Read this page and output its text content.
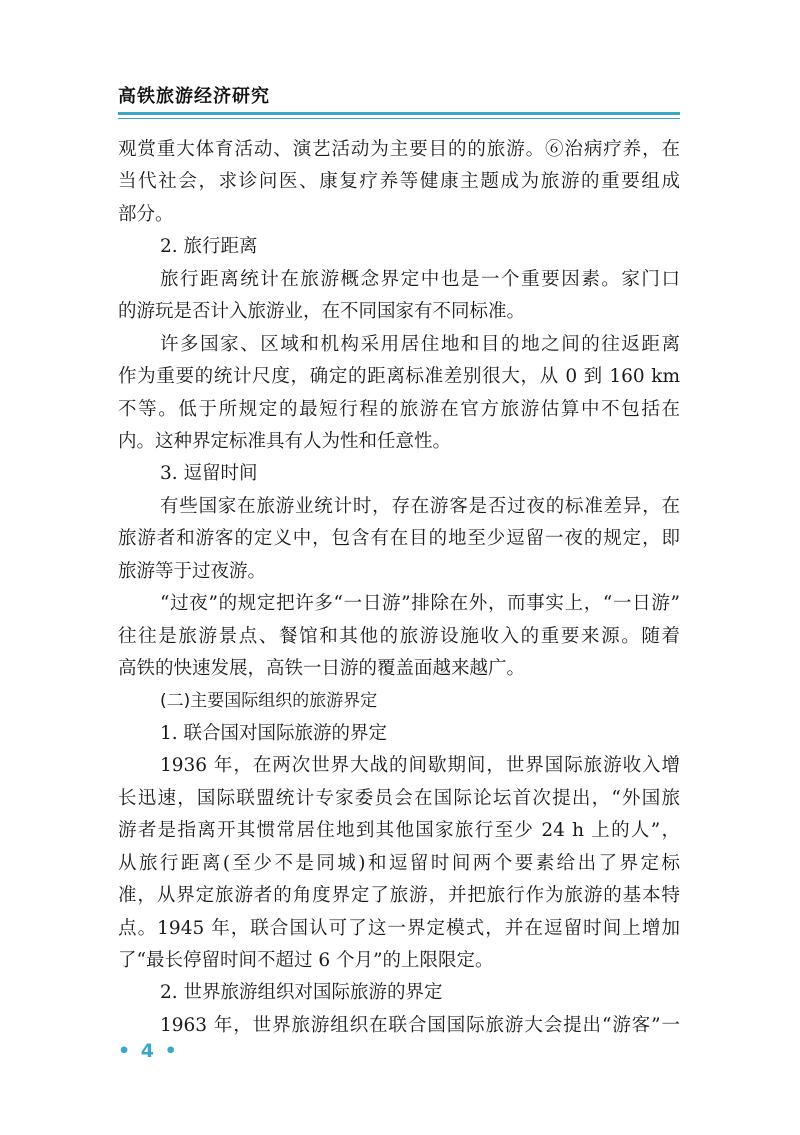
高铁旅游经济研究
观赏重大体育活动、演艺活动为主要目的的旅游。⑥治病疗养，在
当代社会，求诊问医、康复疗养等健康主题成为旅游的重要组成
部分。
2. 旅行距离
旅行距离统计在旅游概念界定中也是一个重要因素。家门口
的游玩是否计入旅游业，在不同国家有不同标准。
许多国家、区域和机构采用居住地和目的地之间的往返距离
作为重要的统计尺度，确定的距离标准差别很大，从 0 到 160 km
不等。低于所规定的最短行程的旅游在官方旅游估算中不包括在
内。这种界定标准具有人为性和任意性。
3. 逗留时间
有些国家在旅游业统计时，存在游客是否过夜的标准差异，在
旅游者和游客的定义中，包含有在目的地至少逗留一夜的规定，即
旅游等于过夜游。
“过夜”的规定把许多“一日游”排除在外，而事实上，“一日游”
往往是旅游景点、餐馆和其他的旅游设施收入的重要来源。随着
高铁的快速发展，高铁一日游的覆盖面越来越广。
(二)主要国际组织的旅游界定
1. 联合国对国际旅游的界定
1936 年，在两次世界大战的间歇期间，世界国际旅游收入增
长迅速，国际联盟统计专家委员会在国际论坛首次提出，“外国旅
游者是指离开其惯常居住地到其他国家旅行至少 24 h 上的人”，
从旅行距离(至少不是同城)和逗留时间两个要素给出了界定标
准，从界定旅游者的角度界定了旅游，并把旅行作为旅游的基本特
点。1945 年，联合国认可了这一界定模式，并在逗留时间上增加
了“最长停留时间不超过 6 个月”的上限限定。
2. 世界旅游组织对国际旅游的界定
1963 年，世界旅游组织在联合国国际旅游大会提出“游客”一
• 4 •
